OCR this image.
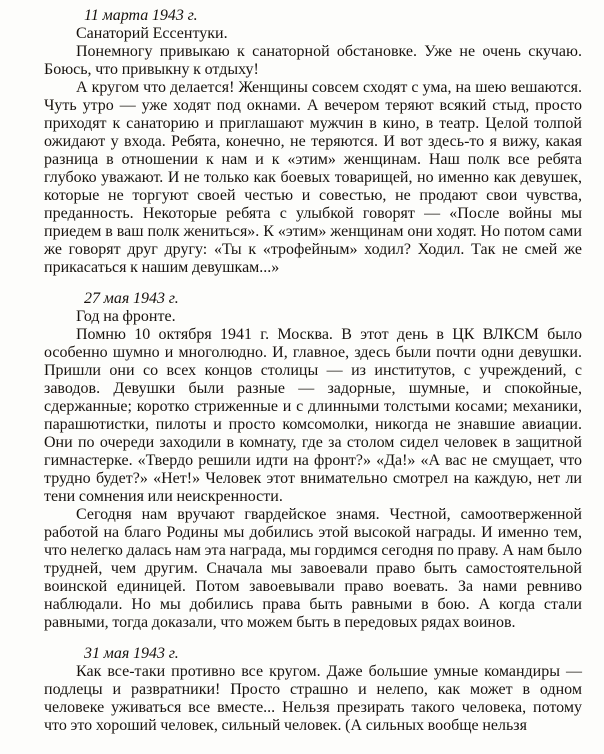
11 марта 1943 г.

Санаторий Ессентуки.

Понемногу привыкаю к санаторной обстановке. Уже не очень скучаю. Боюсь, что привыкну к отдыху!

А кругом что делается! Женщины совсем сходят с ума, на шею вешаются. Чуть утро — уже ходят под окнами. А вечером теряют всякий стыд, просто приходят к санаторию и приглашают мужчин в кино, в театр. Целой толпой ожидают у входа. Ребята, конечно, не теряются. И вот здесь-то я вижу, какая разница в отношении к нам и к «этим» женщинам. Наш полк все ребята глубоко уважают. И не только как боевых товарищей, но именно как девушек, которые не торгуют своей честью и совестью, не продают свои чувства, преданность. Некоторые ребята с улыбкой говорят — «После войны мы приедем в ваш полк жениться». К «этим» женщинам они ходят. Но потом сами же говорят друг другу: «Ты к «трофейным» ходил? Ходил. Так не смей же прикасаться к нашим девушкам...»

27 мая 1943 г.

Год на фронте.

Помню 10 октября 1941 г. Москва. В этот день в ЦК ВЛКСМ было особенно шумно и многолюдно. И, главное, здесь были почти одни девушки. Пришли они со всех концов столицы — из институтов, с учреждений, с заводов. Девушки были разные — задорные, шумные, и спокойные, сдержанные; коротко стриженные и с длинными толстыми косами; механики, парашютистки, пилоты и просто комсомолки, никогда не знавшие авиации. Они по очереди заходили в комнату, где за столом сидел человек в защитной гимнастерке. «Твердо решили идти на фронт?» «Да!» «А вас не смущает, что трудно будет?» «Нет!» Человек этот внимательно смотрел на каждую, нет ли тени сомнения или неискренности.

Сегодня нам вручают гвардейское знамя. Честной, самоотверженной работой на благо Родины мы добились этой высокой награды. И именно тем, что нелегко далась нам эта награда, мы гордимся сегодня по праву. А нам было трудней, чем другим. Сначала мы завоевали право быть самостоятельной воинской единицей. Потом завоевывали право воевать. За нами ревниво наблюдали. Но мы добились права быть равными в бою. А когда стали равными, тогда доказали, что можем быть в передовых рядах воинов.

31 мая 1943 г.

Как все-таки противно все кругом. Даже большие умные командиры — подлецы и развратники! Просто страшно и нелепо, как может в одном человеке уживаться все вместе... Нельзя презирать такого человека, потому что это хороший человек, сильный человек. (А сильных вообще нельзя
